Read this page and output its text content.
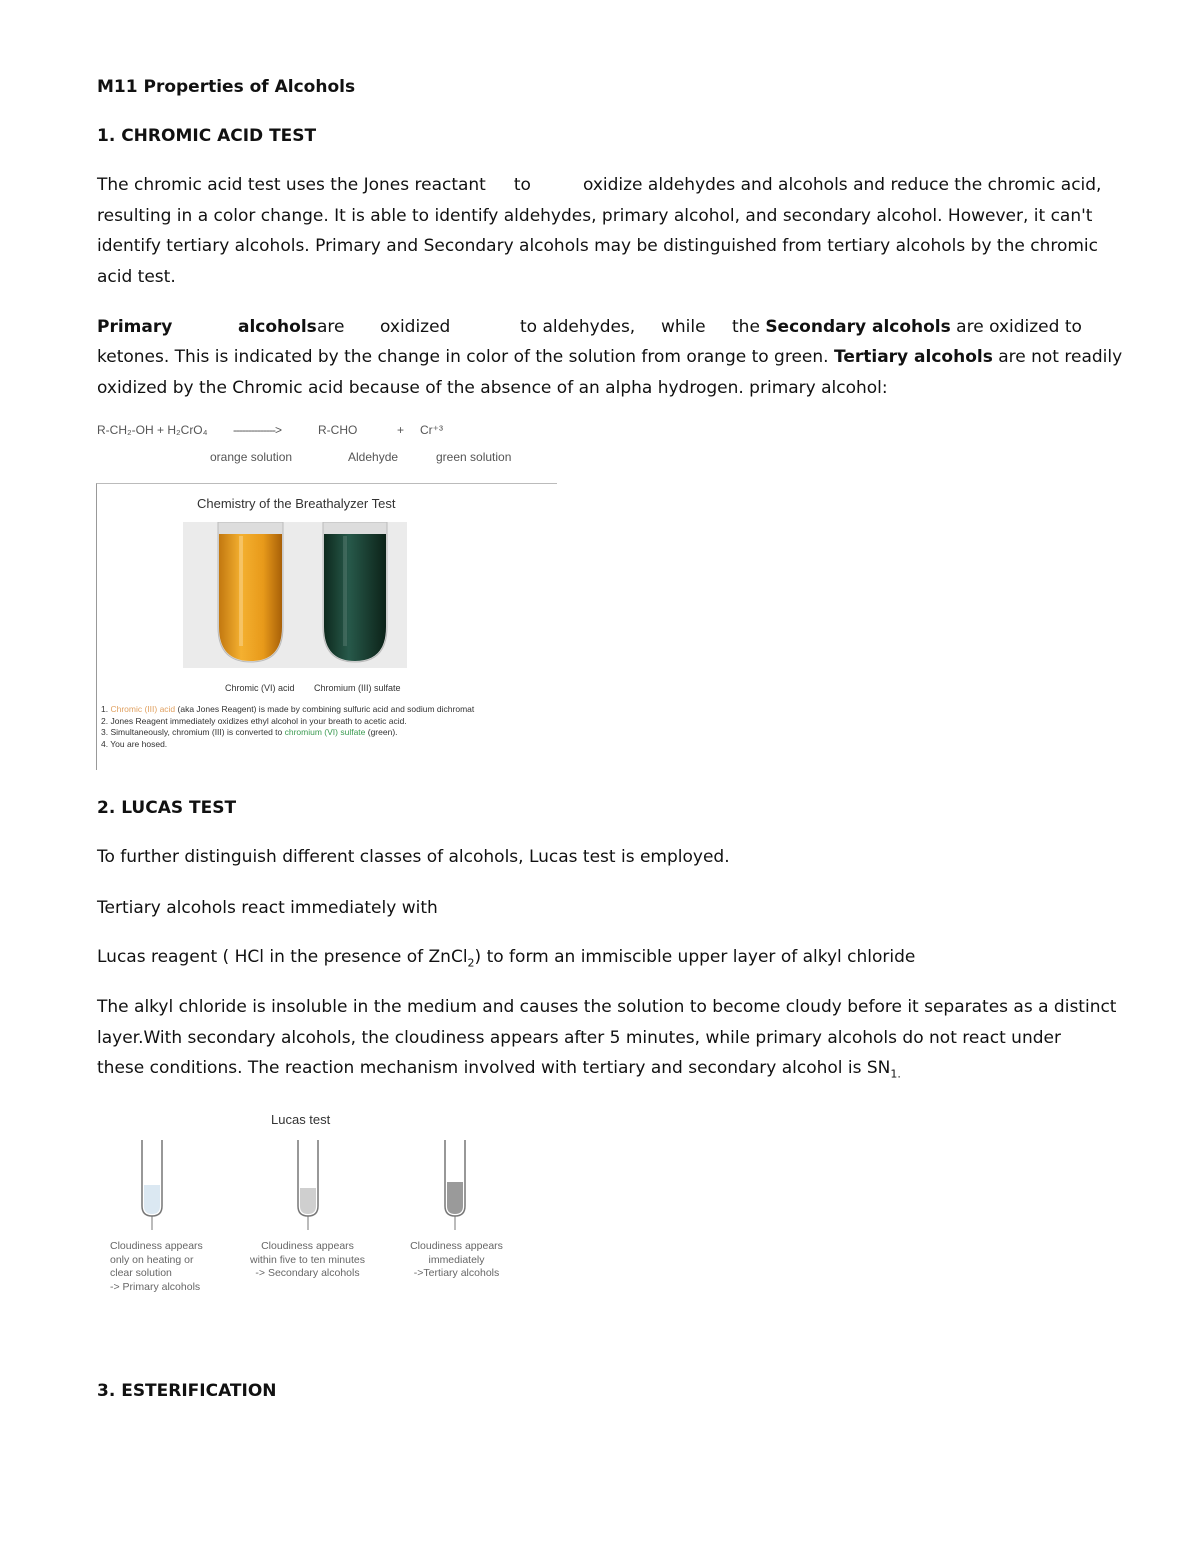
M11 Properties of Alcohols
1. CHROMIC ACID TEST
The chromic acid test uses the Jones reactant to	oxidize aldehydes and alcohols and reduce the chromic acid,
resulting in a color change. It is able to identify aldehydes, primary alcohol, and secondary alcohol. However, it can't
identify tertiary alcohols. Primary and Secondary alcohols may be distinguished from tertiary alcohols by the chromic
acid test.
Primary	alcohols are oxidized	to aldehydes, while the Secondary alcohols are oxidized to
ketones. This is indicated by the change in color of the solution from orange to green. Tertiary alcohols are not readily
oxidized by the Chromic acid because of the absence of an alpha hydrogen. primary alcohol:
R-CH₂-OH + H₂CrO₄ -------------->	R-CHO	+ Cr⁺³
orange solution	Aldehyde	green solution
Chemistry of the Breathalyzer Test
Chromic (VI) acid Chromium (III) sulfate
1. Chromic (III) acid (aka Jones Reagent) is made by combining sulfuric acid and sodium dichromat
2. Jones Reagent immediately oxidizes ethyl alcohol in your breath to acetic acid.
3. Simultaneously, chromium (III) is converted to chromium (VI) sulfate (green).
4. You are hosed.
2. LUCAS TEST
To further distinguish different classes of alcohols, Lucas test is employed.
Tertiary alcohols react immediately with
Lucas reagent ( HCl in the presence of ZnCl$_2$) to form an immiscible upper layer of alkyl chloride
The alkyl chloride is insoluble in the medium and causes the solution to become cloudy before it separates as a distinct
layer.With secondary alcohols, the cloudiness appears after 5 minutes, while primary alcohols do not react under
these conditions. The reaction mechanism involved with tertiary and secondary alcohol is $SN_{1.}$
Lucas test
Cloudiness appears
only on heating or
clear solution
-> Primary alcohols
Cloudiness appears
within five to ten minutes
-> Secondary alcohols
Cloudiness appears
immediately
->Tertiary alcohols
3. ESTERIFICATION
